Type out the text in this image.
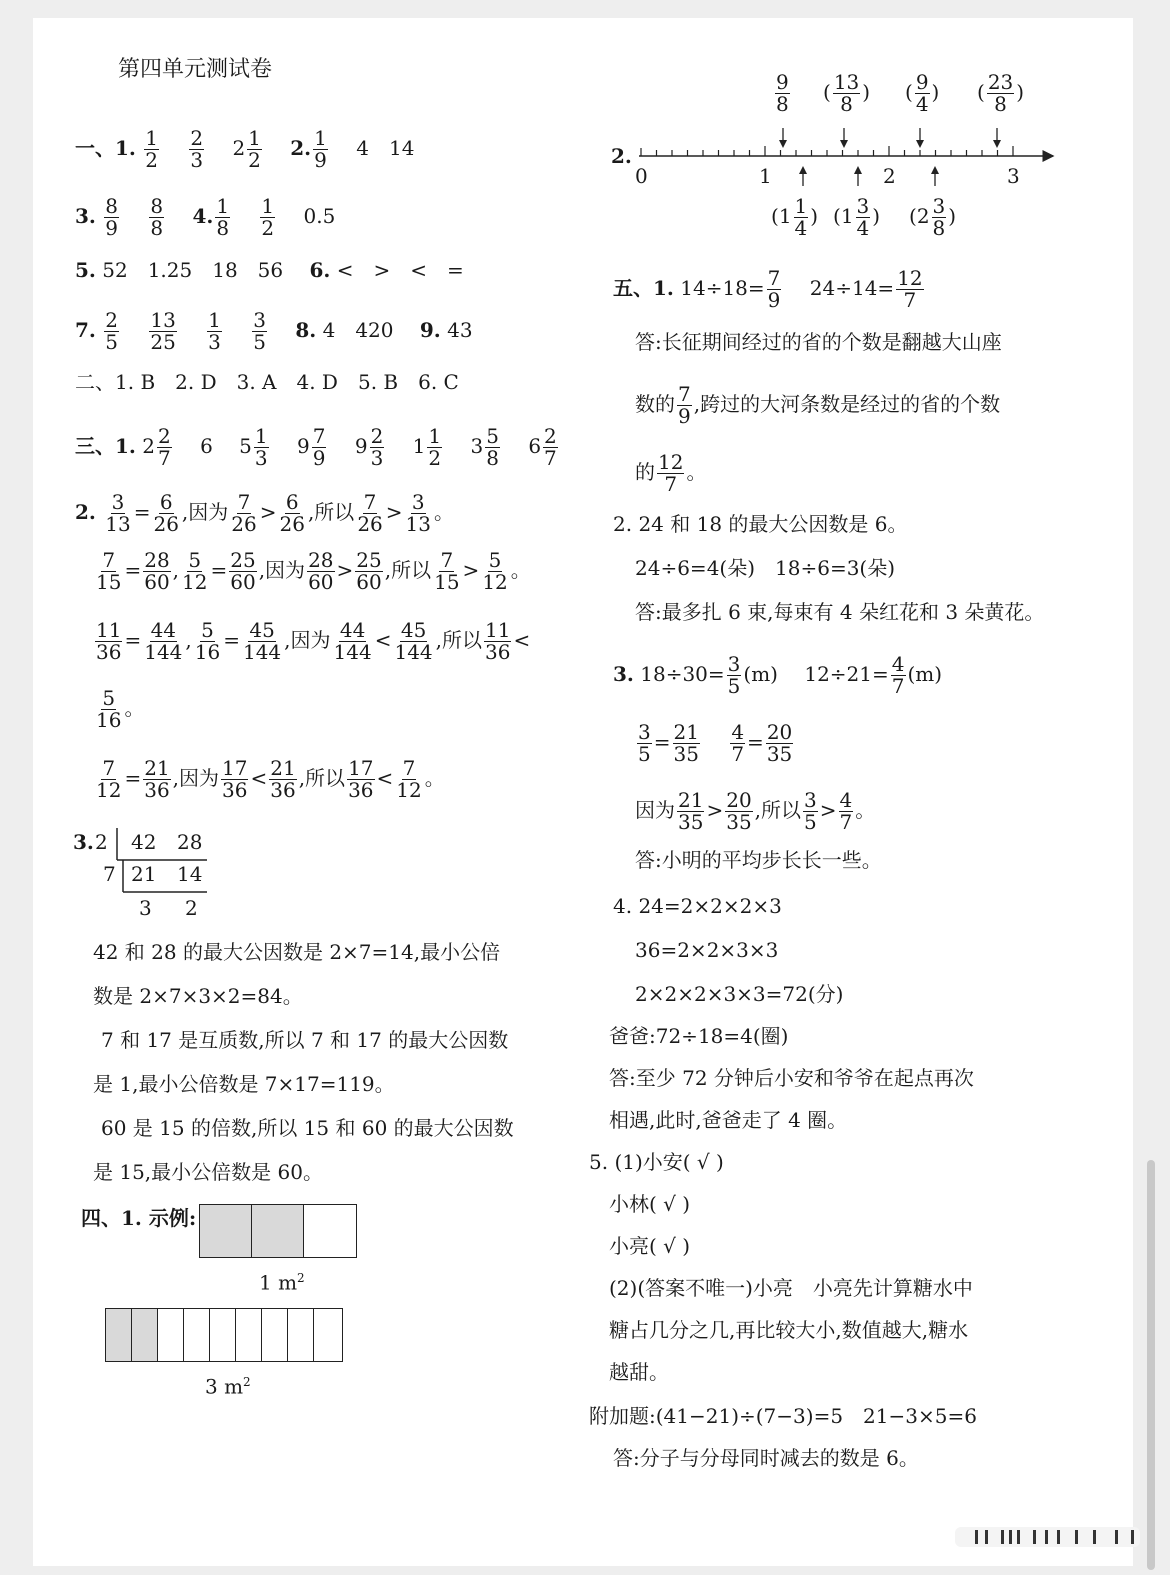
第四单元测试卷
一、1. $\frac{1}{2}$
$\frac{2}{3} 2 \frac{1}{2} 2$. $\frac{1}{9} 4$ 14
3. $\frac{8}{9}$
$\frac{8}{8} 4$. $\frac{1}{8}$
$\frac{1}{2} 0.5$
5. 52　1.25　18　56 6. <　>　<　=
7. $\frac{2}{5}$
$\frac{13}{25}$
$\frac{1}{3}$
$\frac{3}{5} 8$. 4　420 9. 43
二、1. B　2. D　3. A　4. D　5. B　6. C
三、1. $2 \frac{2}{7} 6$ $5 \frac{1}{3} 9 \frac{7}{9} 9 \frac{2}{3} 1 \frac{1}{2} 3 \frac{5}{8} 6 \frac{2}{7}$
2. $\frac{3}{13} = \frac{6}{26}$ ,因为 $\frac{7}{26} > \frac{6}{26}$ ,所以 $\frac{7}{26} > \frac{3}{13}$ 。
$\frac{7}{15} = \frac{28}{60}$ , $\frac{5}{12} = \frac{25}{60}$ ,因为 $\frac{28}{60} > \frac{25}{60}$ ,所以 $\frac{7}{15} > \frac{5}{12}$ 。
$\frac{11}{36} = \frac{44}{144}$ , $\frac{5}{16} = \frac{45}{144}$ ,因为 $\frac{44}{144} < \frac{45}{144}$ ,所以 $\frac{11}{36}$ <
$\frac{5}{16}$ 。
$\frac{7}{12} = \frac{21}{36}$ ,因为 $\frac{17}{36} < \frac{21}{36}$ ,所以 $\frac{17}{36} < \frac{7}{12}$ 。
3. 2 42 28
7 21 14
3 2
42 和 28 的最大公因数是 2×7=14,最小公倍
数是 2×7×3×2=84。
7 和 17 是互质数,所以 7 和 17 的最大公因数
是 1,最小公倍数是 7×17=119。
60 是 15 的倍数,所以 15 和 60 的最大公因数
是 15,最小公倍数是 60。
四、1. 示例:
1 $m^2$
3 $m^2$
2.
$\frac{9}{8}$ ( $\frac{13}{8}$ ) ( $\frac{9}{4}$ ) ( $\frac{23}{8}$ )
0	1	2	3
($1 \frac{1}{4}$ ) ($1 \frac{3}{4}$ ) ($2 \frac{3}{8}$ )
五、1. $14\div 18= \frac{7}{9} 24\div 14= \frac{12}{7}$
答:长征期间经过的省的个数是翻越大山座
数的 $\frac{7}{9}$ ,跨过的大河条数是经过的省的个数
的 $\frac{12}{7}$ 。
2. 24 和 18 的最大公因数是 6。
24÷6=4(朵)　18÷6=3(朵)
答:最多扎 6 束,每束有 4 朵红花和 3 朵黄花。
3. $18\div 30= \frac{3}{5} (m)$ $12\div 21= \frac{4}{7} (m)$
$\frac{3}{5} = \frac{21}{35}$
$\frac{4}{7} = \frac{20}{35}$
因为 $\frac{21}{35} > \frac{20}{35}$ ,所以 $\frac{3}{5} > \frac{4}{7}$ 。
答:小明的平均步长长一些。
4. 24=2×2×2×3
36=2×2×3×3
2×2×2×3×3=72(分)
爸爸:72÷18=4(圈)
答:至少 72 分钟后小安和爷爷在起点再次
相遇,此时,爸爸走了 4 圈。
5. (1)小安( √ )
小林( √ )
小亮( √ )
(2)(答案不唯一)小亮　小亮先计算糖水中
糖占几分之几,再比较大小,数值越大,糖水
越甜。
附加题:(41−21)÷(7−3)=5　21−3×5=6
答:分子与分母同时减去的数是 6。
